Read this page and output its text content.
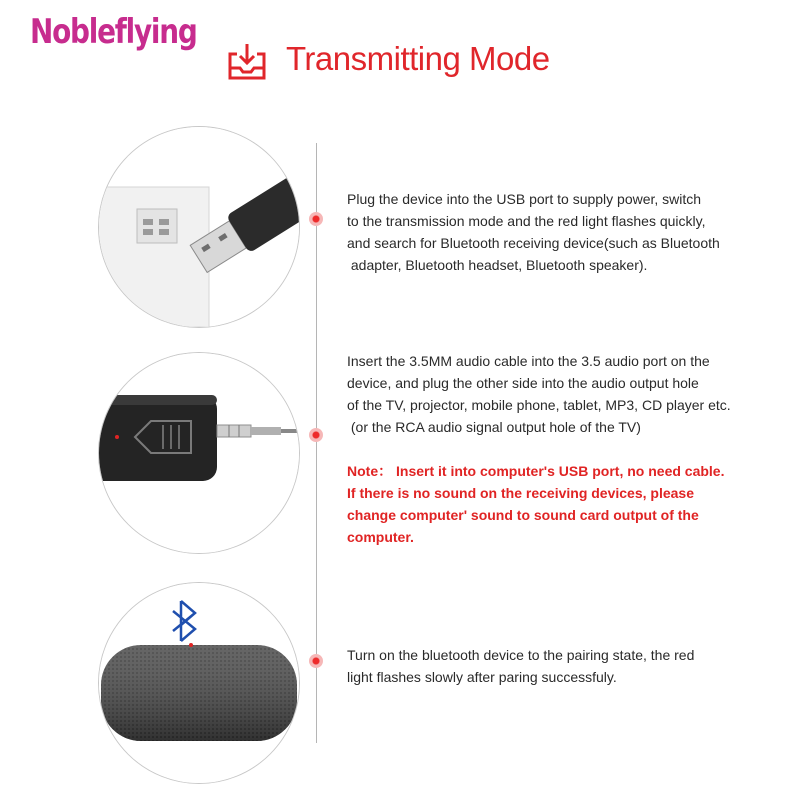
Nobleflying
Transmitting Mode

Plug the device into the USB port to supply power, switch

to the transmission mode and the red light flashes quickly,

and search for Bluetooth receiving device(such as Bluetooth

adapter, Bluetooth headset, Bluetooth speaker).

Insert the 3.5MM audio cable into the 3.5 audio port on the

device, and plug the other side into the audio output hole

of the TV, projector, mobile phone, tablet, MP3, CD player etc.

(or the RCA audio signal output hole of the TV)

Note： Insert it into computer's USB port, no need cable.

If there is no sound on the receiving devices, please

change computer' sound to sound card output of the

computer.

Turn on the bluetooth device to the pairing state, the red

light flashes slowly after paring successfuly.
